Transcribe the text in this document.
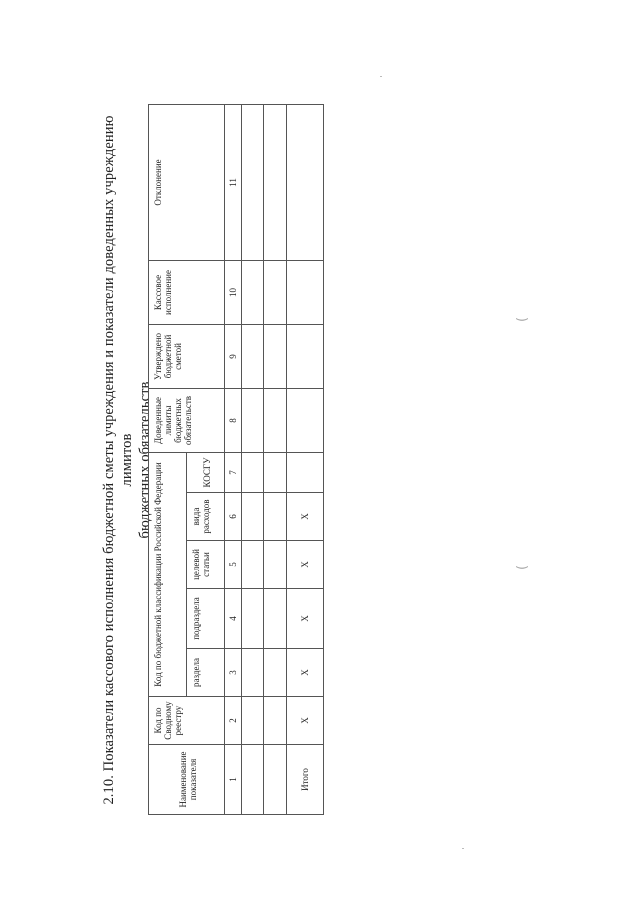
2.10. Показатели кассового исполнения бюджетной сметы учреждения и показатели доведенных учреждению лимитов бюджетных обязательств
Наименование показателя	Код по Сводному реестру	Код по бюджетной классификации Российской Федерации					Доведенные лимиты бюджетных обязательств	Утверждено бюджетной сметой	Кассовое исполнение	Отклонение
		раздела	подраздела	целевой статьи	вида расходов	КОСГУ				
1	2	3	4	5	6	7	8	9	10	11

Итого	X	X	X	X	X					
(
(
